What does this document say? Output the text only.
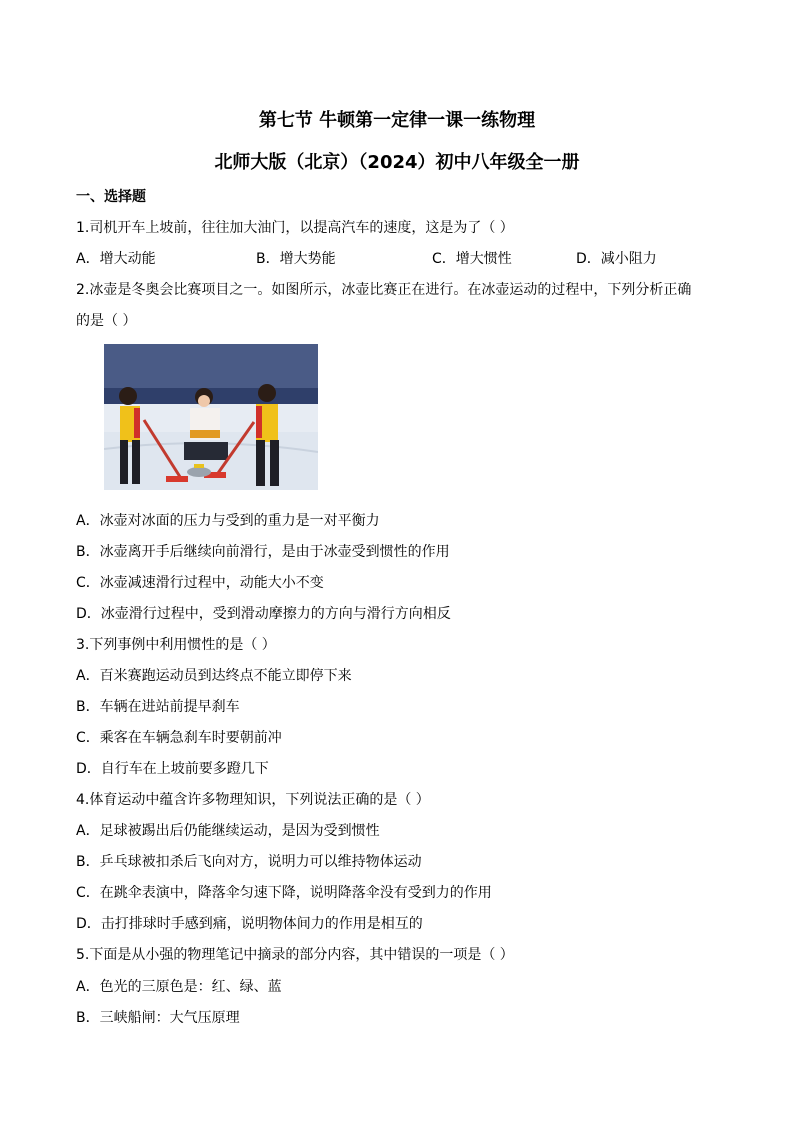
第七节 牛顿第一定律一课一练物理
北师大版（北京）（2024）初中八年级全一册
一、选择题
1.司机开车上坡前，往往加大油门，以提高汽车的速度，这是为了（ ）
A．增大动能	B．增大势能	C．增大惯性	D．减小阻力
2.冰壶是冬奥会比赛项目之一。如图所示，冰壶比赛正在进行。在冰壶运动的过程中，下列分析正确
的是（ ）
A．冰壶对冰面的压力与受到的重力是一对平衡力
B．冰壶离开手后继续向前滑行，是由于冰壶受到惯性的作用
C．冰壶减速滑行过程中，动能大小不变
D．冰壶滑行过程中，受到滑动摩擦力的方向与滑行方向相反
3.下列事例中利用惯性的是（ ）
A．百米赛跑运动员到达终点不能立即停下来
B．车辆在进站前提早刹车
C．乘客在车辆急刹车时要朝前冲
D．自行车在上坡前要多蹬几下
4.体育运动中蕴含许多物理知识，下列说法正确的是（ ）
A．足球被踢出后仍能继续运动，是因为受到惯性
B．乒乓球被扣杀后飞向对方，说明力可以维持物体运动
C．在跳伞表演中，降落伞匀速下降，说明降落伞没有受到力的作用
D．击打排球时手感到痛，说明物体间力的作用是相互的
5.下面是从小强的物理笔记中摘录的部分内容，其中错误的一项是（ ）
A．色光的三原色是：红、绿、蓝
B．三峡船闸：大气压原理
